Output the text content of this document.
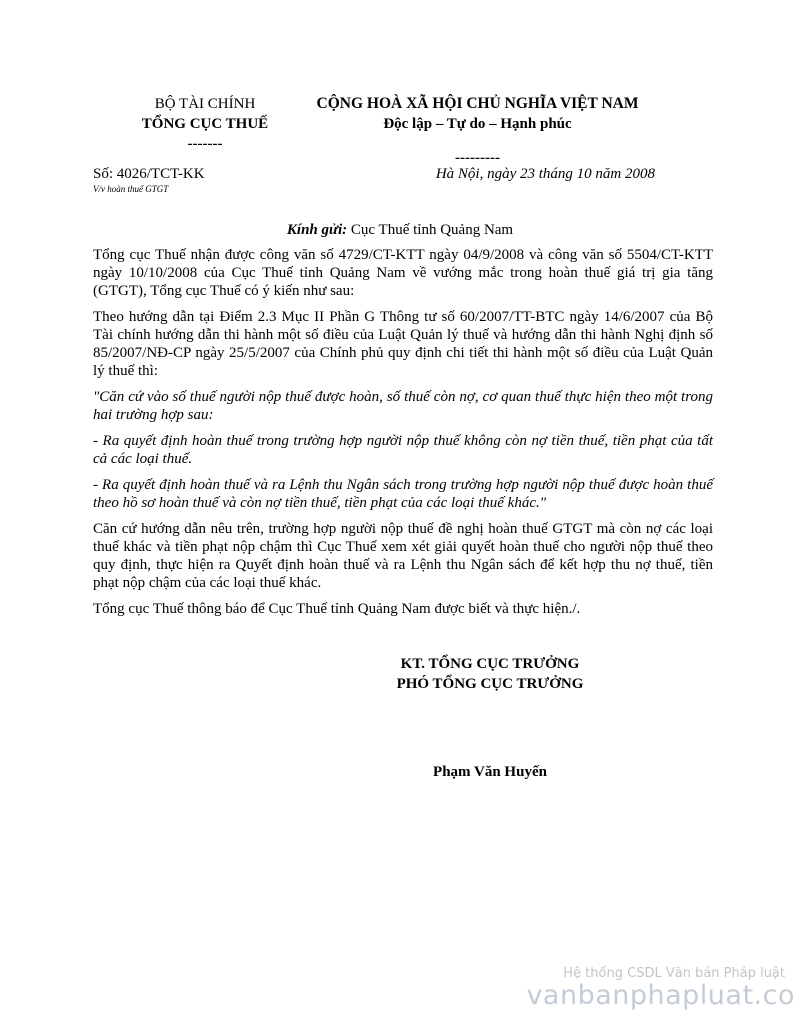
BỘ TÀI CHÍNH
TỔNG CỤC THUẾ
-------
CỘNG HOÀ XÃ HỘI CHỦ NGHĨA VIỆT NAM
Độc lập – Tự do – Hạnh phúc
---------
Số: 4026/TCT-KK
V/v hoàn thuế GTGT
Hà Nội, ngày 23 tháng 10 năm 2008
Kính gửi: Cục Thuế tỉnh Quảng Nam

Tổng cục Thuế nhận được công văn số 4729/CT-KTT ngày 04/9/2008 và công văn số 5504/CT-KTT ngày 10/10/2008 của Cục Thuế tỉnh Quảng Nam về vướng mắc trong hoàn thuế giá trị gia tăng (GTGT), Tổng cục Thuế có ý kiến như sau:

Theo hướng dẫn tại Điểm 2.3 Mục II Phần G Thông tư số 60/2007/TT-BTC ngày 14/6/2007 của Bộ Tài chính hướng dẫn thi hành một số điều của Luật Quản lý thuế và hướng dẫn thi hành Nghị định số 85/2007/NĐ-CP ngày 25/5/2007 của Chính phủ quy định chi tiết thi hành một số điều của Luật Quản lý thuế thì:

"Căn cứ vào số thuế người nộp thuế được hoàn, số thuế còn nợ, cơ quan thuế thực hiện theo một trong hai trường hợp sau:

- Ra quyết định hoàn thuế trong trường hợp người nộp thuế không còn nợ tiền thuế, tiền phạt của tất cả các loại thuế.

- Ra quyết định hoàn thuế và ra Lệnh thu Ngân sách trong trường hợp người nộp thuế được hoàn thuế theo hồ sơ hoàn thuế và còn nợ tiền thuế, tiền phạt của các loại thuế khác."

Căn cứ hướng dẫn nêu trên, trường hợp người nộp thuế đề nghị hoàn thuế GTGT mà còn nợ các loại thuế khác và tiền phạt nộp chậm thì Cục Thuế xem xét giải quyết hoàn thuế cho người nộp thuế theo quy định, thực hiện ra Quyết định hoàn thuế và ra Lệnh thu Ngân sách để kết hợp thu nợ thuế, tiền phạt nộp chậm của các loại thuế khác.

Tổng cục Thuế thông báo để Cục Thuế tỉnh Quảng Nam được biết và thực hiện./.

KT. TỔNG CỤC TRƯỞNG
PHÓ TỔNG CỤC TRƯỞNG
Phạm Văn Huyến
Hệ thống CSDL Văn bản Pháp luật
vanbanphapluat.co
